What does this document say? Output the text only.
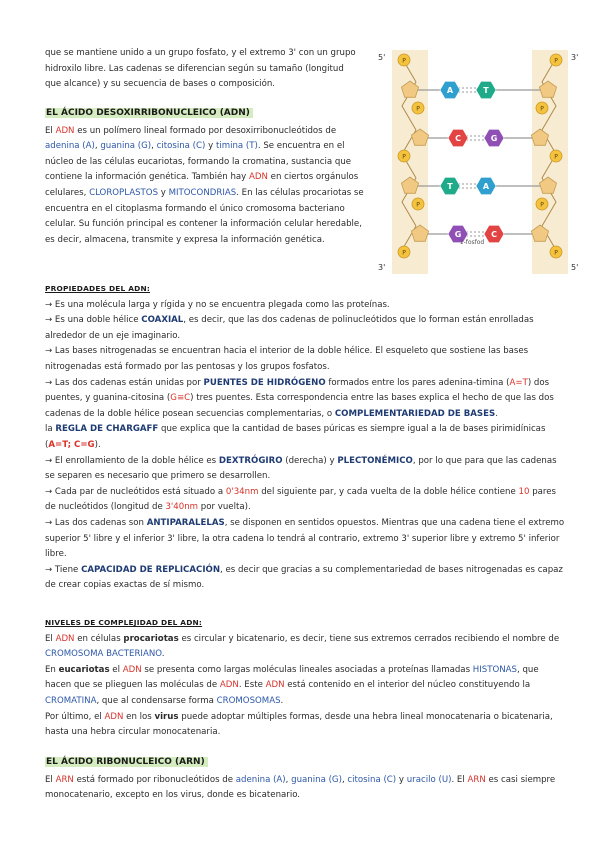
que se mantiene unido a un grupo fosfato, y el extremo 3' con un grupo

hidroxilo libre. Las cadenas se diferencian según su tamaño (longitud

que alcance) y su secuencia de bases o composición.

EL ÁCIDO DESOXIRRIBONUCLEICO (ADN)

El ADN es un polímero lineal formado por desoxirribonucleótidos de adenina (A), guanina (G), citosina (C) y timina (T). Se encuentra en el núcleo de las células eucariotas, formando la cromatina, sustancia que contiene la información genética. También hay ADN en ciertos orgánulos celulares, CLOROPLASTOS y MITOCONDRIAS. En las células procariotas se encuentra en el citoplasma formando el único cromosoma bacteriano celular. Su función principal es contener la información celular heredable, es decir, almacena, transmite y expresa la información genética.

5'	3'
3'	5'
P	P
P	P
P	P
P	P
P	P
A	T
C	G
T	A
G	C
1-fosfod

PROPIEDADES DEL ADN:

→ Es una molécula larga y rígida y no se encuentra plegada como las proteínas.

→ Es una doble hélice COAXIAL, es decir, que las dos cadenas de polinucleótidos que lo forman están enrolladas alrededor de un eje imaginario.

→ Las bases nitrogenadas se encuentran hacia el interior de la doble hélice. El esqueleto que sostiene las bases nitrogenadas está formado por las pentosas y los grupos fosfatos.

→ Las dos cadenas están unidas por PUENTES DE HIDRÓGENO formados entre los pares adenina-timina (A=T) dos puentes, y guanina-citosina (G≡C) tres puentes. Esta correspondencia entre las bases explica el hecho de que las dos cadenas de la doble hélice posean secuencias complementarias, o COMPLEMENTARIEDAD DE BASES.

la REGLA DE CHARGAFF que explica que la cantidad de bases púricas es siempre igual a la de bases pirimidínicas (A=T; C=G).

→ El enrollamiento de la doble hélice es DEXTRÓGIRO (derecha) y PLECTONÉMICO, por lo que para que las cadenas se separen es necesario que primero se desarrollen.

→ Cada par de nucleótidos está situado a 0'34nm del siguiente par, y cada vuelta de la doble hélice contiene 10 pares de nucleótidos (longitud de 3'40nm por vuelta).

→ Las dos cadenas son ANTIPARALELAS, se disponen en sentidos opuestos. Mientras que una cadena tiene el extremo superior 5' libre y el inferior 3' libre, la otra cadena lo tendrá al contrario, extremo 3' superior libre y extremo 5' inferior libre.

→ Tiene CAPACIDAD DE REPLICACIÓN, es decir que gracias a su complementariedad de bases nitrogenadas es capaz de crear copias exactas de sí mismo.

NIVELES DE COMPLEJIDAD DEL ADN:

El ADN en células procariotas es circular y bicatenario, es decir, tiene sus extremos cerrados recibiendo el nombre de CROMOSOMA BACTERIANO.

En eucariotas el ADN se presenta como largas moléculas lineales asociadas a proteínas llamadas HISTONAS, que hacen que se plieguen las moléculas de ADN. Este ADN está contenido en el interior del núcleo constituyendo la CROMATINA, que al condensarse forma CROMOSOMAS.

Por último, el ADN en los virus puede adoptar múltiples formas, desde una hebra lineal monocatenaria o bicatenaria, hasta una hebra circular monocatenaria.

EL ÁCIDO RIBONUCLEICO (ARN)

El ARN está formado por ribonucleótidos de adenina (A), guanina (G), citosina (C) y uracilo (U). El ARN es casi siempre monocatenario, excepto en los virus, donde es bicatenario.
